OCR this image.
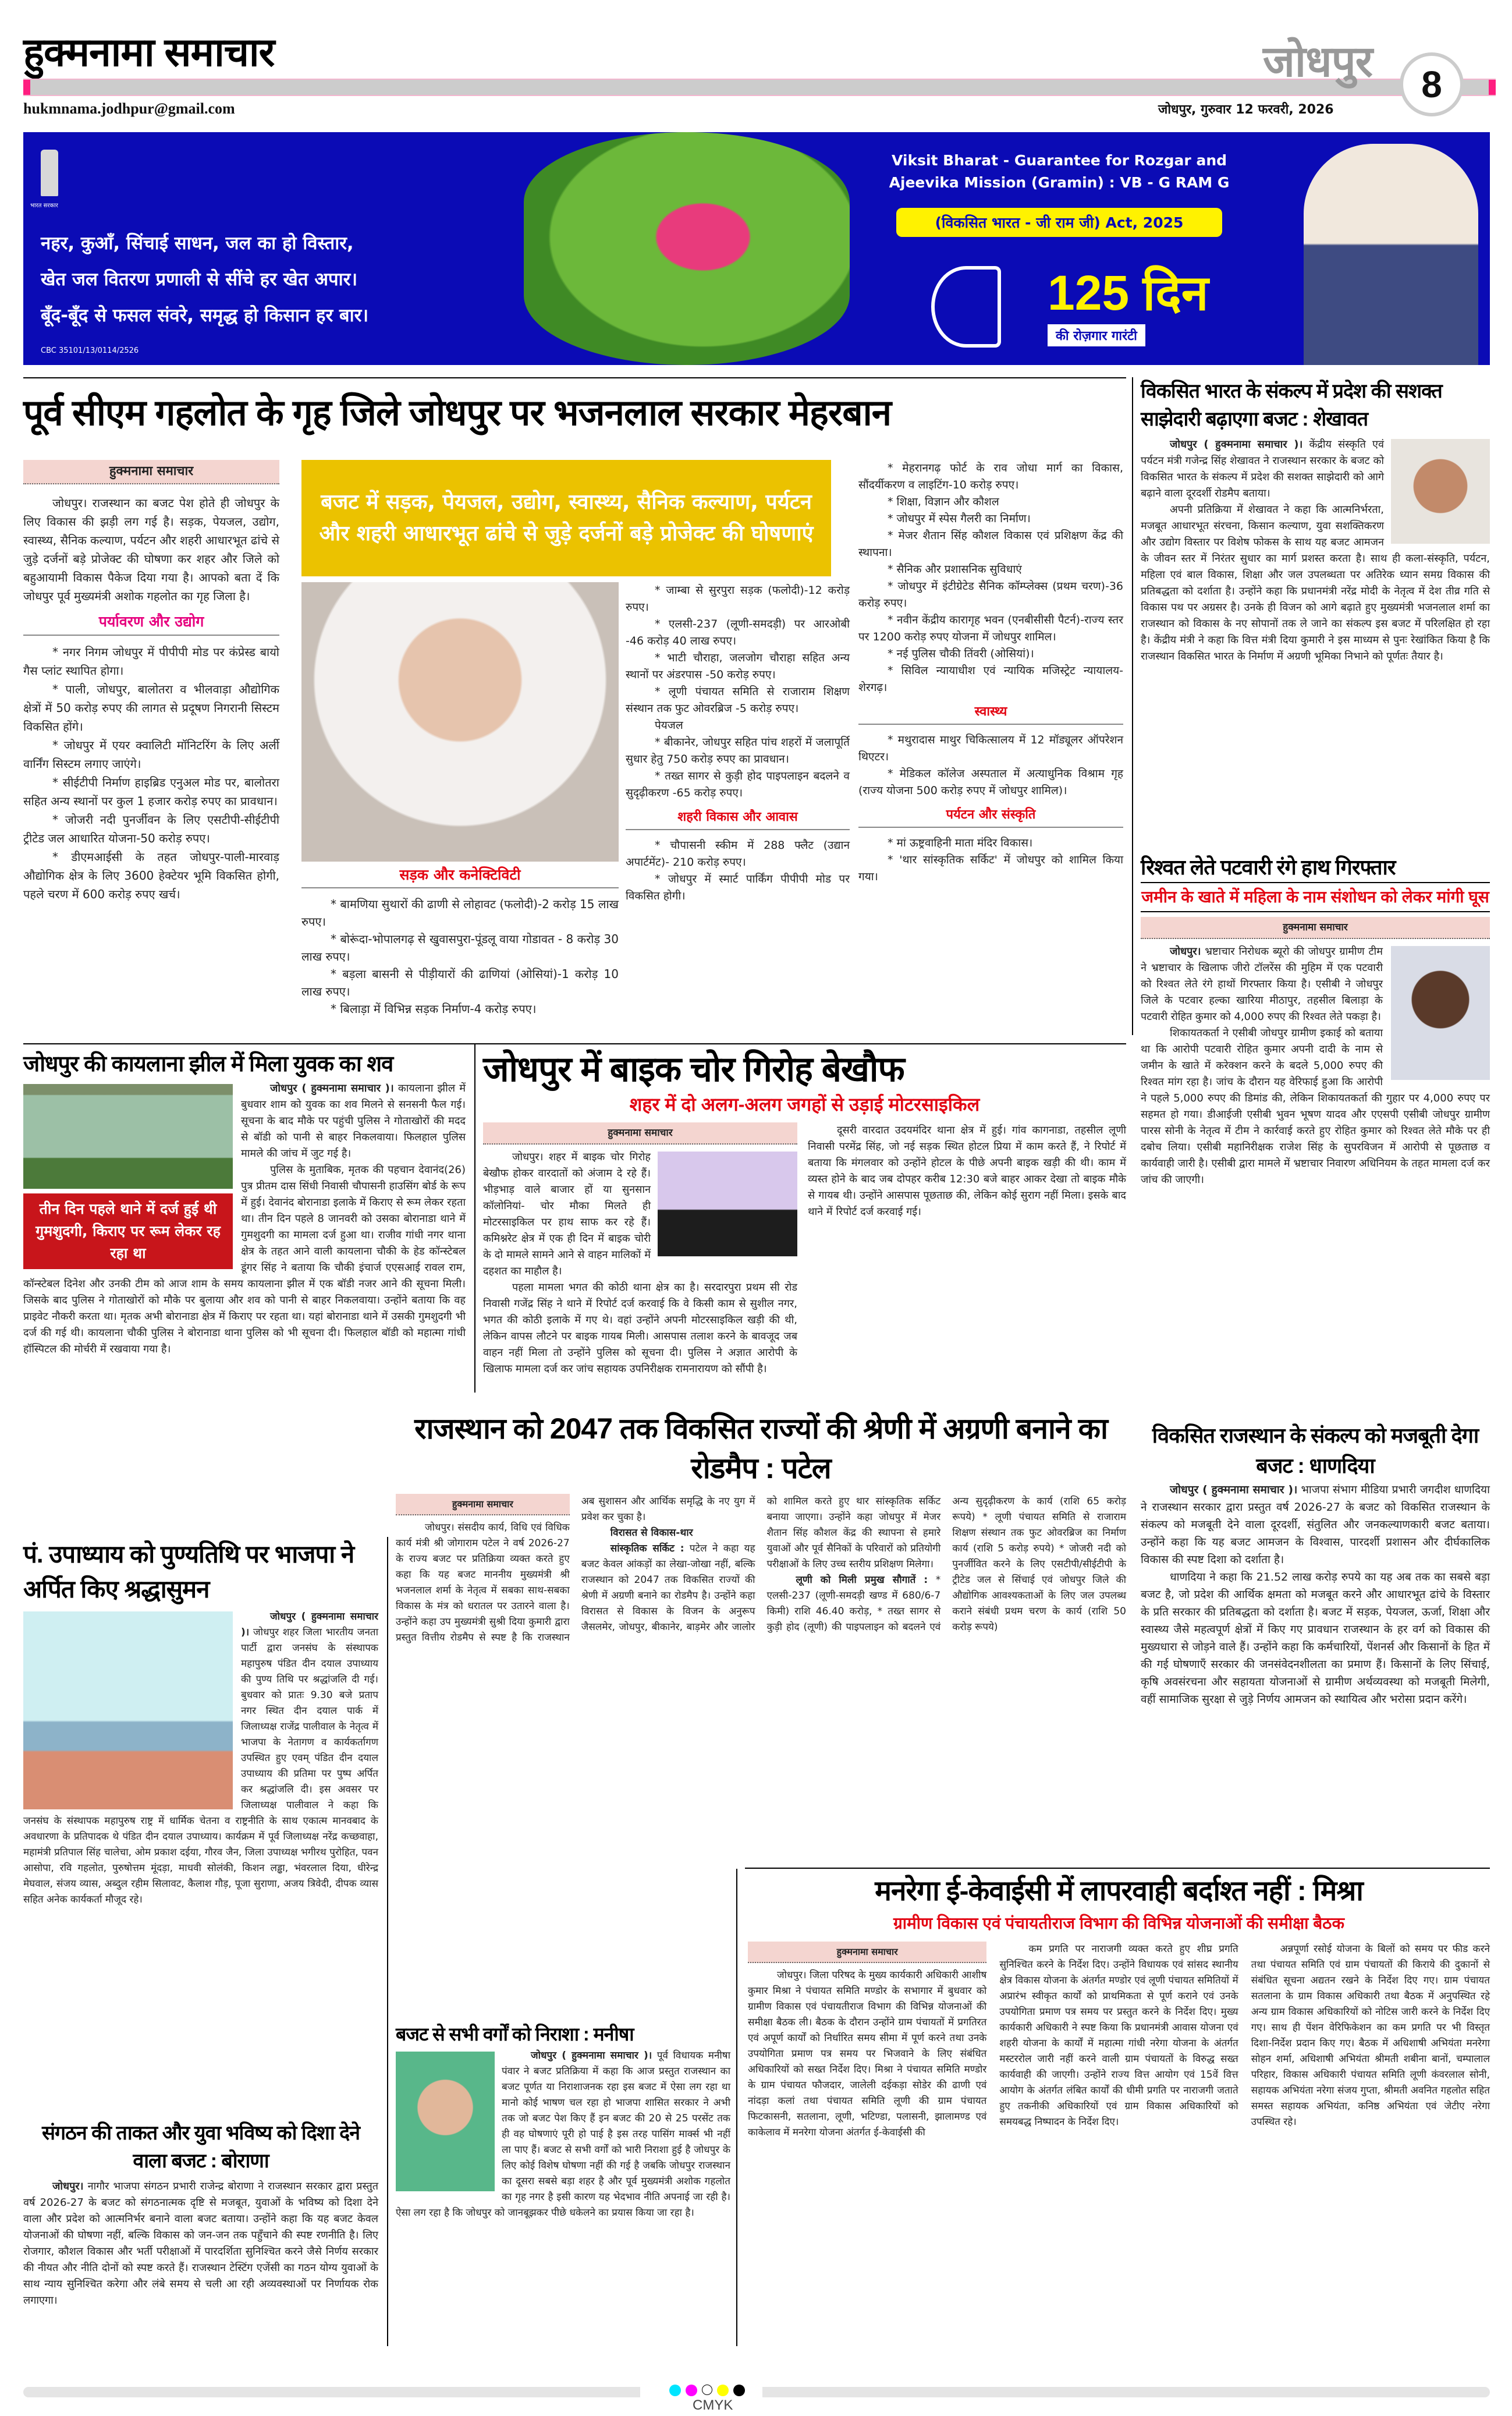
हुक्मनामा समाचार	जोधपुर 8
hukmnama.jodhpur@gmail.com	जोधपुर, गुरुवार 12 फरवरी, 2026
भारत सरकार
नहर, कुआँ, सिंचाई साधन, जल का हो विस्तार,
खेत जल वितरण प्रणाली से सींचे हर खेत अपार।
बूँद-बूँद से फसल संवरे, समृद्ध हो किसान हर बार।
CBC 35101/13/0114/2526
Viksit Bharat - Guarantee for Rozgar and Ajeevika Mission (Gramin) : VB - G RAM G
(विकसित भारत - जी राम जी) Act, 2025
125 दिन
की रोज़गार गारंटी
पूर्व सीएम गहलोत के गृह जिले जोधपुर पर भजनलाल सरकार मेहरबान
हुक्मनामा समाचार

जोधपुर। राजस्थान का बजट पेश होते ही जोधपुर के लिए विकास की झड़ी लग गई है। सड़क, पेयजल, उद्योग, स्वास्थ्य, सैनिक कल्याण, पर्यटन और शहरी आधारभूत ढांचे से जुड़े दर्जनों बड़े प्रोजेक्ट की घोषणा कर शहर और जिले को बहुआयामी विकास पैकेज दिया गया है। आपको बता दें कि जोधपुर पूर्व मुख्यमंत्री अशोक गहलोत का गृह जिला है।

पर्यावरण और उद्योग

* नगर निगम जोधपुर में पीपीपी मोड पर कंप्रेस्ड बायो गैस प्लांट स्थापित होगा।

* पाली, जोधपुर, बालोतरा व भीलवाड़ा औद्योगिक क्षेत्रों में 50 करोड़ रुपए की लागत से प्रदूषण निगरानी सिस्टम विकसित होंगे।

* जोधपुर में एयर क्वालिटी मॉनिटरिंग के लिए अर्ली वार्निंग सिस्टम लगाए जाएंगे।

* सीईटीपी निर्माण हाइब्रिड एनुअल मोड पर, बालोतरा सहित अन्य स्थानों पर कुल 1 हजार करोड़ रुपए का प्रावधान।

* जोजरी नदी पुनर्जीवन के लिए एसटीपी-सीईटीपी ट्रीटेड जल आधारित योजना-50 करोड़ रुपए।

* डीएमआईसी के तहत जोधपुर-पाली-मारवाड़ औद्योगिक क्षेत्र के लिए 3600 हेक्टेयर भूमि विकसित होगी, पहले चरण में 600 करोड़ रुपए खर्च।

बजट में सड़क, पेयजल, उद्योग, स्वास्थ्य, सैनिक कल्याण, पर्यटन और शहरी आधारभूत ढांचे से जुड़े दर्जनों बड़े प्रोजेक्ट की घोषणाएं
सड़क और कनेक्टिविटी

* बामणिया सुथारों की ढाणी से लोहावट (फलोदी)-2 करोड़ 15 लाख रुपए।

* बोरूंदा-भोपालगढ़ से खुवासपुरा-पूंडलू वाया गोडावत - 8 करोड़ 30 लाख रुपए।

* बड़ला बासनी से पीड़ीयारों की ढाणियां (ओसियां)-1 करोड़ 10 लाख रुपए।

* बिलाड़ा में विभिन्न सड़क निर्माण-4 करोड़ रुपए।

* जाम्बा से सुरपुरा सड़क (फलोदी)-12 करोड़ रुपए।

* एलसी-237 (लूणी-समदड़ी) पर आरओबी -46 करोड़ 40 लाख रुपए।

* भाटी चौराहा, जलजोग चौराहा सहित अन्य स्थानों पर अंडरपास -50 करोड़ रुपए।

* लूणी पंचायत समिति से राजाराम शिक्षण संस्थान तक फुट ओवरब्रिज -5 करोड़ रुपए।

पेयजल

* बीकानेर, जोधपुर सहित पांच शहरों में जलापूर्ति सुधार हेतु 750 करोड़ रुपए का प्रावधान।

* तख्त सागर से कुड़ी होद पाइपलाइन बदलने व सुदृढ़ीकरण -65 करोड़ रुपए।

शहरी विकास और आवास

* चौपासनी स्कीम में 288 फ्लैट (उद्यान अपार्टमेंट)- 210 करोड़ रुपए।

* जोधपुर में स्मार्ट पार्किंग पीपीपी मोड पर विकसित होगी।

* मेहरानगढ़ फोर्ट के राव जोधा मार्ग का विकास, सौंदर्यीकरण व लाइटिंग-10 करोड़ रुपए।

* शिक्षा, विज्ञान और कौशल

* जोधपुर में स्पेस गैलरी का निर्माण।

* मेजर शैतान सिंह कौशल विकास एवं प्रशिक्षण केंद्र की स्थापना।

* सैनिक और प्रशासनिक सुविधाएं

* जोधपुर में इंटीग्रेटेड सैनिक कॉम्प्लेक्स (प्रथम चरण)-36 करोड़ रुपए।

* नवीन केंद्रीय कारागृह भवन (एनबीसीसी पैटर्न)-राज्य स्तर पर 1200 करोड़ रुपए योजना में जोधपुर शामिल।

* नई पुलिस चौकी तिंवरी (ओसियां)।

* सिविल न्यायाधीश एवं न्यायिक मजिस्ट्रेट न्यायालय- शेरगढ़।

स्वास्थ्य

* मथुरादास माथुर चिकित्सालय में 12 मॉड्यूलर ऑपरेशन थिएटर।

* मेडिकल कॉलेज अस्पताल में अत्याधुनिक विश्राम गृह (राज्य योजना 500 करोड़ रुपए में जोधपुर शामिल)।

पर्यटन और संस्कृति

* मां ऊष्ट्रवाहिनी माता मंदिर विकास।

* 'थार सांस्कृतिक सर्किट' में जोधपुर को शामिल किया गया।

विकसित भारत के संकल्प में प्रदेश की सशक्त साझेदारी बढ़ाएगा बजट : शेखावत

जोधपुर ( हुक्मनामा समाचार )। केंद्रीय संस्कृति एवं पर्यटन मंत्री गजेन्द्र सिंह शेखावत ने राजस्थान सरकार के बजट को विकसित भारत के संकल्प में प्रदेश की सशक्त साझेदारी को आगे बढ़ाने वाला दूरदर्शी रोडमैप बताया।

अपनी प्रतिक्रिया में शेखावत ने कहा कि आत्मनिर्भरता, मजबूत आधारभूत संरचना, किसान कल्याण, युवा सशक्तिकरण और उद्योग विस्तार पर विशेष फोकस के साथ यह बजट आमजन के जीवन स्तर में निरंतर सुधार का मार्ग प्रशस्त करता है। साथ ही कला-संस्कृति, पर्यटन, महिला एवं बाल विकास, शिक्षा और जल उपलब्धता पर अतिरेक ध्यान समग्र विकास की प्रतिबद्धता को दर्शाता है। उन्होंने कहा कि प्रधानमंत्री नरेंद्र मोदी के नेतृत्व में देश तीव्र गति से विकास पथ पर अग्रसर है। उनके ही विजन को आगे बढ़ाते हुए मुख्यमंत्री भजनलाल शर्मा का राजस्थान को विकास के नए सोपानों तक ले जाने का संकल्प इस बजट में परिलक्षित हो रहा है। केंद्रीय मंत्री ने कहा कि वित्त मंत्री दिया कुमारी ने इस माध्यम से पुनः रेखांकित किया है कि राजस्थान विकसित भारत के निर्माण में अग्रणी भूमिका निभाने को पूर्णतः तैयार है।

रिश्वत लेते पटवारी रंगे हाथ गिरफ्तार
जमीन के खाते में महिला के नाम संशोधन को लेकर मांगी घूस
हुक्मनामा समाचार

जोधपुर। भ्रष्टाचार निरोधक ब्यूरो की जोधपुर ग्रामीण टीम ने भ्रष्टाचार के खिलाफ जीरो टॉलरेंस की मुहिम में एक पटवारी को रिश्वत लेते रंगे हाथों गिरफ्तार किया है। एसीबी ने जोधपुर जिले के पटवार हल्का खारिया मीठापुर, तहसील बिलाड़ा के पटवारी रोहित कुमार को 4,000 रुपए की रिश्वत लेते पकड़ा है।

शिकायतकर्ता ने एसीबी जोधपुर ग्रामीण इकाई को बताया था कि आरोपी पटवारी रोहित कुमार अपनी दादी के नाम से जमीन के खाते में करेक्शन करने के बदले 5,000 रुपए की रिश्वत मांग रहा है। जांच के दौरान यह वेरिफाई हुआ कि आरोपी ने पहले 5,000 रुपए की डिमांड की, लेकिन शिकायतकर्ता की गुहार पर 4,000 रुपए पर सहमत हो गया। डीआईजी एसीबी भुवन भूषण यादव और एएसपी एसीबी जोधपुर ग्रामीण पारस सोनी के नेतृत्व में टीम ने कार्रवाई करते हुए रोहित कुमार को रिश्वत लेते मौके पर ही दबोच लिया। एसीबी महानिरीक्षक राजेश सिंह के सुपरविजन में आरोपी से पूछताछ व कार्यवाही जारी है। एसीबी द्वारा मामले में भ्रष्टाचार निवारण अधिनियम के तहत मामला दर्ज कर जांच की जाएगी।

जोधपुर की कायलाना झील में मिला युवक का शव
तीन दिन पहले थाने में दर्ज हुई थी गुमशुदगी, किराए पर रूम लेकर रह रहा था

जोधपुर ( हुक्मनामा समाचार )। कायलाना झील में बुधवार शाम को युवक का शव मिलने से सनसनी फैल गई। सूचना के बाद मौके पर पहुंची पुलिस ने गोताखोरों की मदद से बॉडी को पानी से बाहर निकलवाया। फिलहाल पुलिस मामले की जांच में जुट गई है।

पुलिस के मुताबिक, मृतक की पहचान देवानंद(26) पुत्र प्रीतम दास सिंधी निवासी चौपासनी हाउसिंग बोर्ड के रूप में हुई। देवानंद बोरानाडा इलाके में किराए से रूम लेकर रहता था। तीन दिन पहले 8 जानवरी को उसका बोरानाडा थाने में गुमशुदगी का मामला दर्ज हुआ था। राजीव गांधी नगर थाना क्षेत्र के तहत आने वाली कायलाना चौकी के हेड कॉन्स्टेबल डूंगर सिंह ने बताया कि चौकी इंचार्ज एएसआई रावल राम, कॉन्स्टेबल दिनेश और उनकी टीम को आज शाम के समय कायलाना झील में एक बॉडी नजर आने की सूचना मिली। जिसके बाद पुलिस ने गोताखोरों को मौके पर बुलाया और शव को पानी से बाहर निकलवाया। उन्होंने बताया कि वह प्राइवेट नौकरी करता था। मृतक अभी बोरानाडा क्षेत्र में किराए पर रहता था। यहां बोरानाडा थाने में उसकी गुमशुदगी भी दर्ज की गई थी। कायलाना चौकी पुलिस ने बोरानाडा थाना पुलिस को भी सूचना दी। फिलहाल बॉडी को महात्मा गांधी हॉस्पिटल की मोर्चरी में रखवाया गया है।

जोधपुर में बाइक चोर गिरोह बेखौफ
शहर में दो अलग-अलग जगहों से उड़ाई मोटरसाइकिल
हुक्मनामा समाचार

जोधपुर। शहर में बाइक चोर गिरोह बेखौफ होकर वारदातों को अंजाम दे रहे हैं। भीड़भाड़ वाले बाजार हों या सुनसान कॉलोनियां- चोर मौका मिलते ही मोटरसाइकिल पर हाथ साफ कर रहे हैं। कमिश्नरेट क्षेत्र में एक ही दिन में बाइक चोरी के दो मामले सामने आने से वाहन मालिकों में दहशत का माहौल है।

पहला मामला भगत की कोठी थाना क्षेत्र का है। सरदारपुरा प्रथम सी रोड निवासी गजेंद्र सिंह ने थाने में रिपोर्ट दर्ज करवाई कि वे किसी काम से सुशील नगर, भगत की कोठी इलाके में गए थे। वहां उन्होंने अपनी मोटरसाइकिल खड़ी की थी, लेकिन वापस लौटने पर बाइक गायब मिली। आसपास तलाश करने के बावजूद जब वाहन नहीं मिला तो उन्होंने पुलिस को सूचना दी। पुलिस ने अज्ञात आरोपी के खिलाफ मामला दर्ज कर जांच सहायक उपनिरीक्षक रामनारायण को सौंपी है।

दूसरी वारदात उदयमंदिर थाना क्षेत्र में हुई। गांव कागनाडा, तहसील लूणी निवासी परमेंद्र सिंह, जो नई सड़क स्थित होटल प्रिया में काम करते हैं, ने रिपोर्ट में बताया कि मंगलवार को उन्होंने होटल के पीछे अपनी बाइक खड़ी की थी। काम में व्यस्त होने के बाद जब दोपहर करीब 12:30 बजे बाहर आकर देखा तो बाइक मौके से गायब थी। उन्होंने आसपास पूछताछ की, लेकिन कोई सुराग नहीं मिला। इसके बाद थाने में रिपोर्ट दर्ज करवाई गई।

विकसित राजस्थान के संकल्प को मजबूती देगा बजट : धाणदिया

जोधपुर ( हुक्मनामा समाचार )। भाजपा संभाग मीडिया प्रभारी जगदीश धाणदिया ने राजस्थान सरकार द्वारा प्रस्तुत वर्ष 2026-27 के बजट को विकसित राजस्थान के संकल्प को मजबूती देने वाला दूरदर्शी, संतुलित और जनकल्याणकारी बजट बताया। उन्होंने कहा कि यह बजट आमजन के विश्वास, पारदर्शी प्रशासन और दीर्घकालिक विकास की स्पष्ट दिशा को दर्शाता है।

धाणदिया ने कहा कि 21.52 लाख करोड़ रुपये का यह अब तक का सबसे बड़ा बजट है, जो प्रदेश की आर्थिक क्षमता को मजबूत करने और आधारभूत ढांचे के विस्तार के प्रति सरकार की प्रतिबद्धता को दर्शाता है। बजट में सड़क, पेयजल, ऊर्जा, शिक्षा और स्वास्थ्य जैसे महत्वपूर्ण क्षेत्रों में किए गए प्रावधान राजस्थान के हर वर्ग को विकास की मुख्यधारा से जोड़ने वाले हैं। उन्होंने कहा कि कर्मचारियों, पेंशनर्स और किसानों के हित में की गई घोषणाएँ सरकार की जनसंवेदनशीलता का प्रमाण हैं। किसानों के लिए सिंचाई, कृषि अवसंरचना और सहायता योजनाओं से ग्रामीण अर्थव्यवस्था को मजबूती मिलेगी, वहीं सामाजिक सुरक्षा से जुड़े निर्णय आमजन को स्थायित्व और भरोसा प्रदान करेंगे।

पं. उपाध्याय को पुण्यतिथि पर भाजपा ने अर्पित किए श्रद्धासुमन

जोधपुर ( हुक्मनामा समाचार )। जोधपुर शहर जिला भारतीय जनता पार्टी द्वारा जनसंघ के संस्थापक महापुरुष पंडित दीन दयाल उपाध्याय की पुण्य तिथि पर श्रद्धांजलि दी गई। बुधवार को प्रातः 9.30 बजे प्रताप नगर स्थित दीन दयाल पार्क में जिलाध्यक्ष राजेंद्र पालीवाल के नेतृत्व में भाजपा के नेतागण व कार्यकर्तागण उपस्थित हुए एवम् पंडित दीन दयाल उपाध्याय की प्रतिमा पर पुष्प अर्पित कर श्रद्धांजलि दी। इस अवसर पर जिलाध्यक्ष पालीवाल ने कहा कि जनसंघ के संस्थापक महापुरुष राष्ट्र में धार्मिक चेतना व राष्ट्रनीति के साथ एकात्म मानवबाद के अवधारणा के प्रतिपादक थे पंडित दीन दयाल उपाध्याय। कार्यक्रम में पूर्व जिलाध्यक्ष नरेंद्र कच्छवाहा, महामंत्री प्रतिपाल सिंह चालेचा, ओम प्रकाश दईया, गौरव जैन, जिला उपाध्यक्ष भगीरथ पुरोहित, पवन आसोपा, रवि गहलोत, पुरुषोत्तम मूंदड़ा, माधवी सोलंकी, किशन लड्ढा, भंवरलाल दिया, धीरेन्द्र मेघवाल, संजय व्यास, अब्दुल रहीम सिलावट, कैलाश गौड़, पूजा सुराणा, अजय त्रिवेदी, दीपक व्यास सहित अनेक कार्यकर्ता मौजूद रहे।

संगठन की ताकत और युवा भविष्य को दिशा देने वाला बजट : बोराणा

जोधपुर। नागौर भाजपा संगठन प्रभारी राजेन्द्र बोराणा ने राजस्थान सरकार द्वारा प्रस्तुत वर्ष 2026-27 के बजट को संगठनात्मक दृष्टि से मजबूत, युवाओं के भविष्य को दिशा देने वाला और प्रदेश को आत्मनिर्भर बनाने वाला बजट बताया। उन्होंने कहा कि यह बजट केवल योजनाओं की घोषणा नहीं, बल्कि विकास को जन-जन तक पहुँचाने की स्पष्ट रणनीति है। लिए रोजगार, कौशल विकास और भर्ती परीक्षाओं में पारदर्शिता सुनिश्चित करने जैसे निर्णय सरकार की नीयत और नीति दोनों को स्पष्ट करते हैं। राजस्थान टेस्टिंग एजेंसी का गठन योग्य युवाओं के साथ न्याय सुनिश्चित करेगा और लंबे समय से चली आ रही अव्यवस्थाओं पर निर्णायक रोक लगाएगा।

राजस्थान को 2047 तक विकसित राज्यों की श्रेणी में अग्रणी बनाने का रोडमैप : पटेल
हुक्मनामा समाचार

जोधपुर। संसदीय कार्य, विधि एवं विधिक कार्य मंत्री श्री जोगाराम पटेल ने वर्ष 2026-27 के राज्य बजट पर प्रतिक्रिया व्यक्त करते हुए कहा कि यह बजट माननीय मुख्यमंत्री श्री भजनलाल शर्मा के नेतृत्व में सबका साथ-सबका विकास के मंत्र को धरातल पर उतारने वाला है। उन्होंने कहा उप मुख्यमंत्री सुश्री दिया कुमारी द्वारा प्रस्तुत वित्तीय रोडमैप से स्पष्ट है कि राजस्थान अब सुशासन और आर्थिक समृद्धि के नए युग में प्रवेश कर चुका है।

विरासत से विकास-थार

सांस्कृतिक सर्किट : पटेल ने कहा यह बजट केवल आंकड़ों का लेखा-जोखा नहीं, बल्कि राजस्थान को 2047 तक विकसित राज्यों की श्रेणी में अग्रणी बनाने का रोडमैप है। उन्होंने कहा विरासत से विकास के विजन के अनुरूप जैसलमेर, जोधपुर, बीकानेर, बाड़मेर और जालोर को शामिल करते हुए थार सांस्कृतिक सर्किट बनाया जाएगा। उन्होंने कहा जोधपुर में मेजर शैतान सिंह कौशल केंद्र की स्थापना से हमारे युवाओं और पूर्व सैनिकों के परिवारों को प्रतियोगी परीक्षाओं के लिए उच्च स्तरीय प्रशिक्षण मिलेगा।

लूणी को मिली प्रमुख सौगातें : * एलसी-237 (लूणी-समदड़ी खण्ड में 680/6-7 किमी) राशि 46.40 करोड़, * तख्त सागर से कुड़ी होद (लूणी) की पाइपलाइन को बदलने एवं अन्य सुदृढ़ीकरण के कार्य (राशि 65 करोड़ रूपये) * लूणी पंचायत समिति से राजाराम शिक्षण संस्थान तक फुट ओवरब्रिज का निर्माण कार्य (राशि 5 करोड़ रुपये) * जोजरी नदी को पुनर्जीवित करने के लिए एसटीपी/सीईटीपी के ट्रीटेड जल से सिंचाई एवं जोधपुर जिले की औद्योगिक आवश्यकताओं के लिए जल उपलब्ध कराने संबंधी प्रथम चरण के कार्य (राशि 50 करोड़ रूपये)

बजट से सभी वर्गों को निराशा : मनीषा

जोधपुर ( हुक्मनामा समाचार )। पूर्व विधायक मनीषा पंवार ने बजट प्रतिक्रिया में कहा कि आज प्रस्तुत राजस्थान का बजट पूर्णत या निराशाजनक रहा इस बजट में ऐसा लग रहा था मानो कोई भाषण चल रहा हो भाजपा शासित सरकार ने अभी तक जो बजट पेश किए हैं इन बजट की 20 से 25 परसेंट तक ही वह घोषणाएं पूरी हो पाई है इस तरह पासिंग मार्क्स भी नहीं ला पाए हैं। बजट से सभी वर्गों को भारी निराशा हुई है जोधपुर के लिए कोई विशेष घोषणा नहीं की गई है जबकि जोधपुर राजस्थान का दूसरा सबसे बड़ा शहर है और पूर्व मुख्यमंत्री अशोक गहलोत का गृह नगर है इसी कारण यह भेदभाव नीति अपनाई जा रही है। ऐसा लग रहा है कि जोधपुर को जानबूझकर पीछे धकेलने का प्रयास किया जा रहा है।

मनरेगा ई-केवाईसी में लापरवाही बर्दाश्त नहीं : मिश्रा
ग्रामीण विकास एवं पंचायतीराज विभाग की विभिन्न योजनाओं की समीक्षा बैठक
हुक्मनामा समाचार

जोधपुर। जिला परिषद के मुख्य कार्यकारी अधिकारी आशीष कुमार मिश्रा ने पंचायत समिति मण्डोर के सभागार में बुधवार को ग्रामीण विकास एवं पंचायतीराज विभाग की विभिन्न योजनाओं की समीक्षा बैठक ली। बैठक के दौरान उन्होंने ग्राम पंचायतों में प्रगतिरत एवं अपूर्ण कार्यों को निर्धारित समय सीमा में पूर्ण करने तथा उनके उपयोगिता प्रमाण पत्र समय पर भिजवाने के लिए संबंधित अधिकारियों को सख्त निर्देश दिए। मिश्रा ने पंचायत समिति मण्डोर के ग्राम पंचायत फौजदार, जालेली दईकड़ा सोडेर की ढाणी एवं नांदड़ा कलां तथा पंचायत समिति लूणी की ग्राम पंचायत फिटकासनी, सतलाना, लूणी, भटिण्डा, पलासनी, झालामण्ड एवं काकेलाव में मनरेगा योजना अंतर्गत ई-केवाईसी की

कम प्रगति पर नाराजगी व्यक्त करते हुए शीघ्र प्रगति सुनिश्चित करने के निर्देश दिए। उन्होंने विधायक एवं सांसद स्थानीय क्षेत्र विकास योजना के अंतर्गत मण्डोर एवं लूणी पंचायत समितियों में अप्रारंभ स्वीकृत कार्यों को प्राथमिकता से पूर्ण कराने एवं उनके उपयोगिता प्रमाण पत्र समय पर प्रस्तुत करने के निर्देश दिए। मुख्य कार्यकारी अधिकारी ने स्पष्ट किया कि प्रधानमंत्री आवास योजना एवं शहरी योजना के कार्यों में महात्मा गांधी नरेगा योजना के अंतर्गत मस्टररोल जारी नहीं करने वाली ग्राम पंचायतों के विरुद्ध सख्त कार्यवाही की जाएगी। उन्होंने राज्य वित्त आयोग एवं 15वें वित्त आयोग के अंतर्गत लंबित कार्यों की धीमी प्रगति पर नाराजगी जताते हुए तकनीकी अधिकारियों एवं ग्राम विकास अधिकारियों को समयबद्ध निष्पादन के निर्देश दिए।

अन्नपूर्णा रसोई योजना के बिलों को समय पर फीड करने तथा पंचायत समिति एवं ग्राम पंचायतों की किराये की दुकानों से संबंधित सूचना अद्यतन रखने के निर्देश दिए गए। ग्राम पंचायत सतलाना के ग्राम विकास अधिकारी तथा बैठक में अनुपस्थित रहे अन्य ग्राम विकास अधिकारियों को नोटिस जारी करने के निर्देश दिए गए। साथ ही पेंशन वेरिफिकेशन का कम प्रगति पर भी विस्तृत दिशा-निर्देश प्रदान किए गए। बैठक में अधिशाषी अभियंता मनरेगा सोहन शर्मा, अधिशाषी अभियंता श्रीमती शबीना बानों, चम्पालाल परिहार, विकास अधिकारी पंचायत समिति लूणी कंवरलाल सोनी, सहायक अभियंता नरेगा संजय गुप्ता, श्रीमती अवनित गहलोत सहित समस्त सहायक अभियंता, कनिष्ठ अभियंता एवं जेटीए नरेगा उपस्थित रहे।

CMYK
